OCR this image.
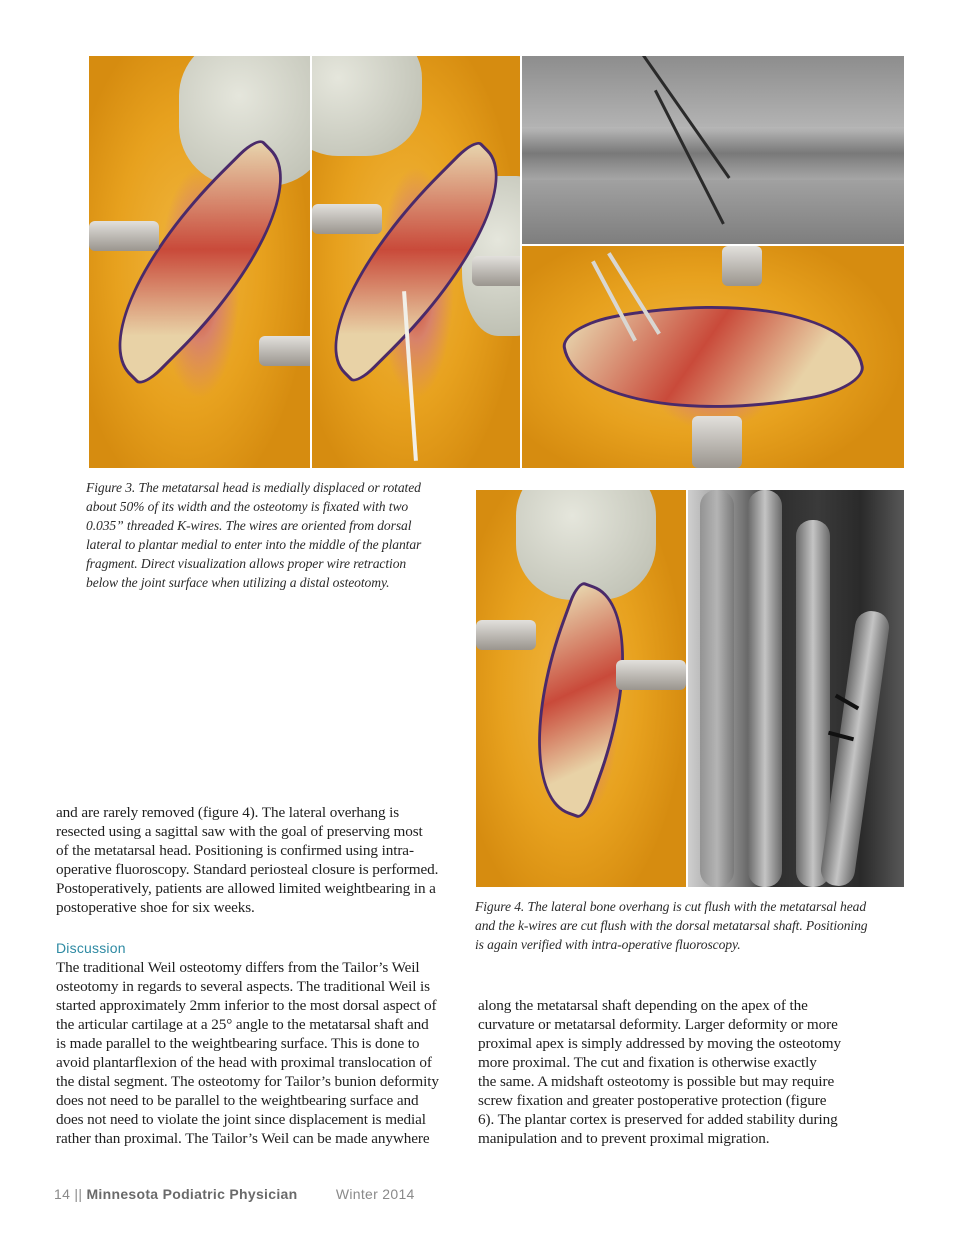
Figure 3. The metatarsal head is medially displaced or rotated
about 50% of its width and the osteotomy is fixated with two
0.035” threaded K-wires. The wires are oriented from dorsal
lateral to plantar medial to enter into the middle of the plantar
fragment. Direct visualization allows proper wire retraction
below the joint surface when utilizing a distal osteotomy.
and are rarely removed (figure 4). The lateral overhang is
resected using a sagittal saw with the goal of preserving most
of the metatarsal head. Positioning is confirmed using intra-
operative fluoroscopy. Standard periosteal closure is performed.
Postoperatively, patients are allowed limited weightbearing in a
postoperative shoe for six weeks.
Discussion
The traditional Weil osteotomy differs from the Tailor’s Weil
osteotomy in regards to several aspects. The traditional Weil is
started approximately 2mm inferior to the most dorsal aspect of
the articular cartilage at a 25° angle to the metatarsal shaft and
is made parallel to the weightbearing surface. This is done to
avoid plantarflexion of the head with proximal translocation of
the distal segment. The osteotomy for Tailor’s bunion deformity
does not need to be parallel to the weightbearing surface and
does not need to violate the joint since displacement is medial
rather than proximal. The Tailor’s Weil can be made anywhere
Figure 4. The lateral bone overhang is cut flush with the metatarsal head
and the k-wires are cut flush with the dorsal metatarsal shaft. Positioning
is again verified with intra-operative fluoroscopy.
along the metatarsal shaft depending on the apex of the
curvature or metatarsal deformity. Larger deformity or more
proximal apex is simply addressed by moving the osteotomy
more proximal. The cut and fixation is otherwise exactly
the same. A midshaft osteotomy is possible but may require
screw fixation and greater postoperative protection (figure
6). The plantar cortex is preserved for added stability during
manipulation and to prevent proximal migration.
14 || Minnesota Podiatric Physician	Winter 2014
